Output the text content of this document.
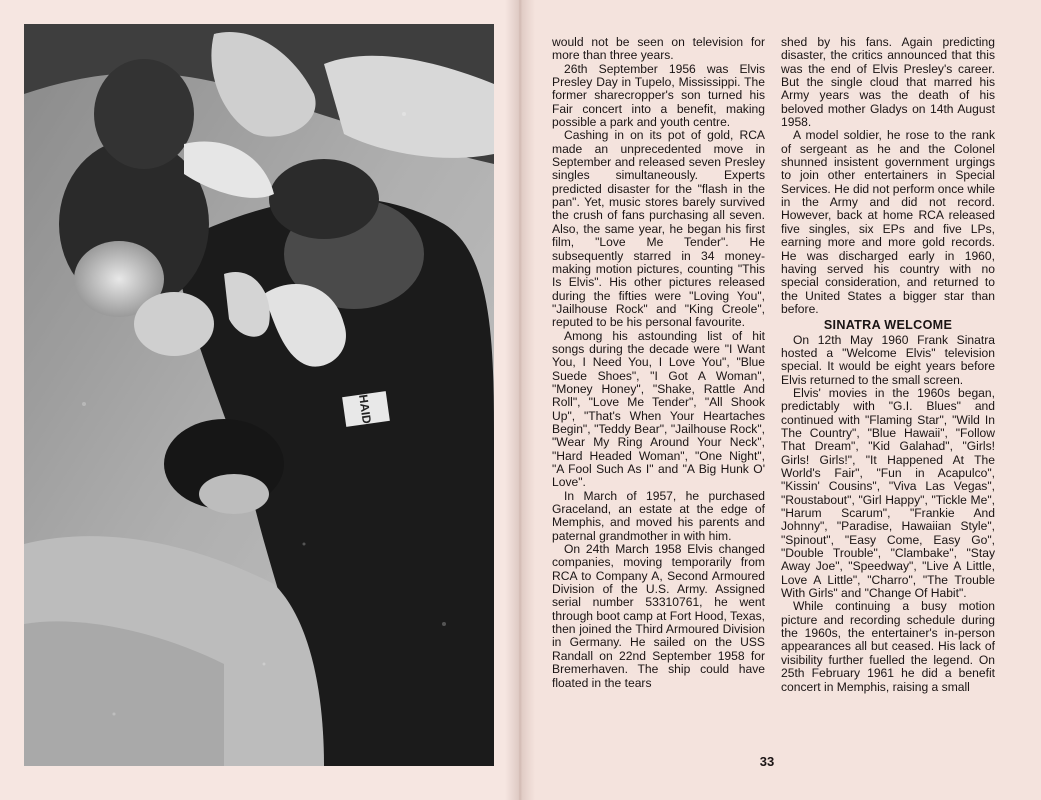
HAID

would not be seen on television for more than three years.

26th September 1956 was Elvis Presley Day in Tupelo, Mississippi. The former sharecropper's son turned his Fair concert into a benefit, making possible a park and youth centre.

Cashing in on its pot of gold, RCA made an unprecedented move in September and released seven Presley singles simultaneously. Experts predicted disaster for the "flash in the pan". Yet, music stores barely survived the crush of fans purchasing all seven. Also, the same year, he began his first film, "Love Me Tender". He subsequently starred in 34 money-making motion pictures, counting "This Is Elvis". His other pictures released during the fifties were "Loving You", "Jailhouse Rock" and "King Creole", reputed to be his personal favourite.

Among his astounding list of hit songs during the decade were "I Want You, I Need You, I Love You", "Blue Suede Shoes", "I Got A Woman", "Money Honey", "Shake, Rattle And Roll", "Love Me Tender", "All Shook Up", "That's When Your Heartaches Begin", "Teddy Bear", "Jailhouse Rock", "Wear My Ring Around Your Neck", "Hard Headed Woman", "One Night", "A Fool Such As I" and "A Big Hunk O' Love".

In March of 1957, he purchased Graceland, an estate at the edge of Memphis, and moved his parents and paternal grandmother in with him.

On 24th March 1958 Elvis changed companies, moving temporarily from RCA to Company A, Second Armoured Division of the U.S. Army. Assigned serial number 53310761, he went through boot camp at Fort Hood, Texas, then joined the Third Armoured Division in Germany. He sailed on the USS Randall on 22nd September 1958 for Bremerhaven. The ship could have floated in the tears

shed by his fans. Again predicting disaster, the critics announced that this was the end of Elvis Presley's career. But the single cloud that marred his Army years was the death of his beloved mother Gladys on 14th August 1958.

A model soldier, he rose to the rank of sergeant as he and the Colonel shunned insistent government urgings to join other entertainers in Special Services. He did not perform once while in the Army and did not record. However, back at home RCA released five singles, six EPs and five LPs, earning more and more gold records. He was discharged early in 1960, having served his country with no special consideration, and returned to the United States a bigger star than before.

SINATRA WELCOME

On 12th May 1960 Frank Sinatra hosted a "Welcome Elvis" television special. It would be eight years before Elvis returned to the small screen.

Elvis' movies in the 1960s began, predictably with "G.I. Blues" and continued with "Flaming Star", "Wild In The Country", "Blue Hawaii", "Follow That Dream", "Kid Galahad", "Girls! Girls! Girls!", "It Happened At The World's Fair", "Fun in Acapulco", "Kissin' Cousins", "Viva Las Vegas", "Roustabout", "Girl Happy", "Tickle Me", "Harum Scarum", "Frankie And Johnny", "Paradise, Hawaiian Style", "Spinout", "Easy Come, Easy Go", "Double Trouble", "Clambake", "Stay Away Joe", "Speedway", "Live A Little, Love A Little", "Charro", "The Trouble With Girls" and "Change Of Habit".

While continuing a busy motion picture and recording schedule during the 1960s, the entertainer's in-person appearances all but ceased. His lack of visibility further fuelled the legend. On 25th February 1961 he did a benefit concert in Memphis, raising a small

33
